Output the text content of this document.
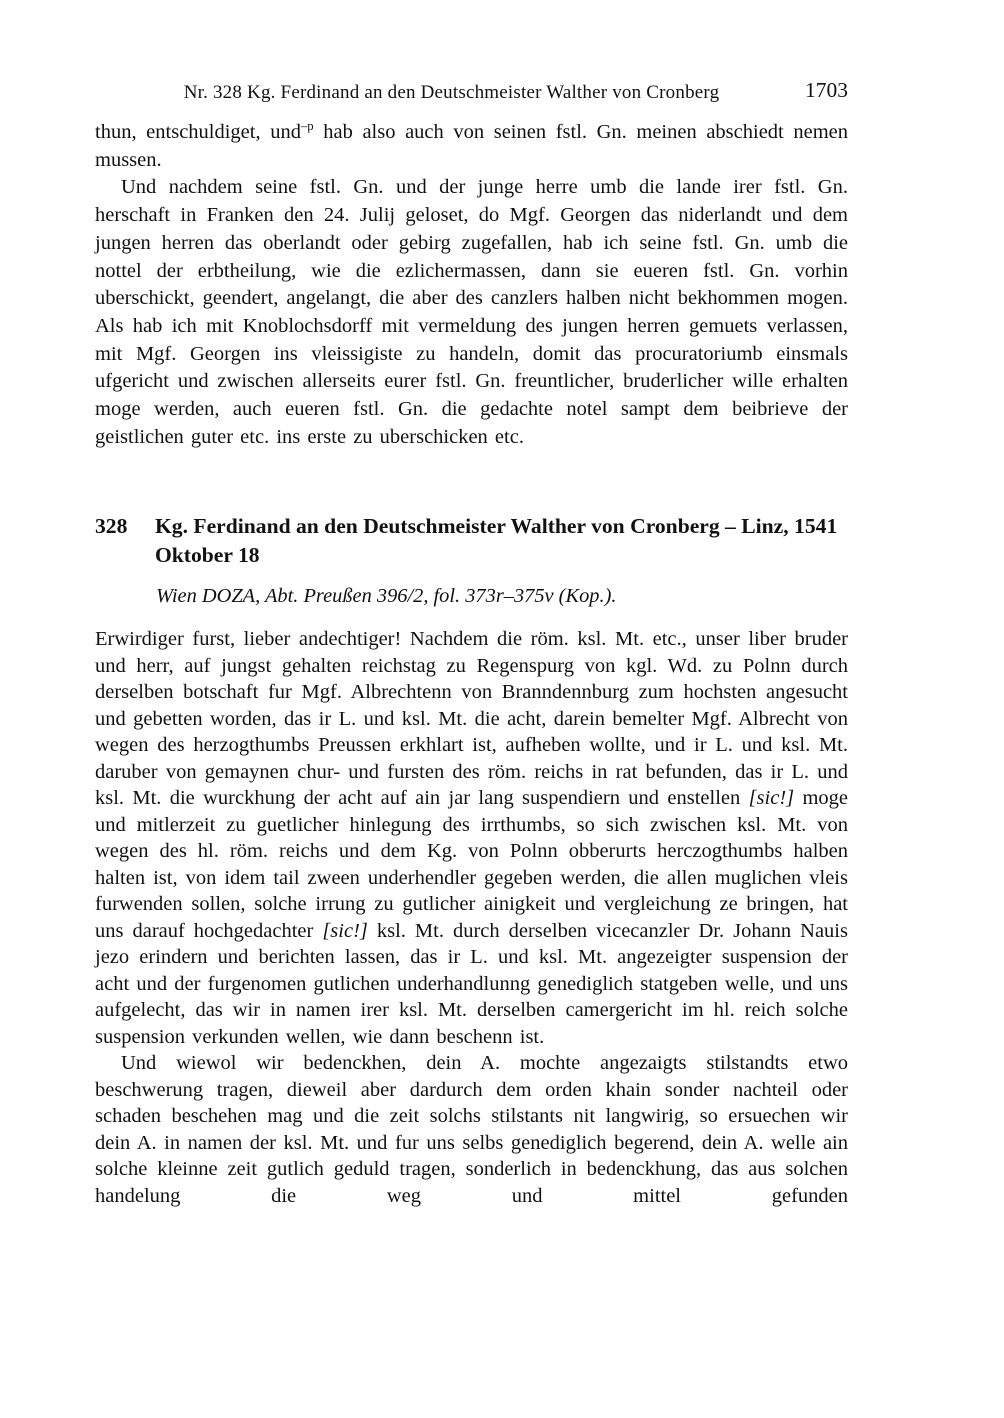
Nr. 328 Kg. Ferdinand an den Deutschmeister Walther von Cronberg	1703

thun, entschuldiget, und$^{-p}$ hab also auch von seinen fstl. Gn. meinen abschiedt nemen mussen.

Und nachdem seine fstl. Gn. und der junge herre umb die lande irer fstl. Gn. herschaft in Franken den 24. Julij geloset, do Mgf. Georgen das niderlandt und dem jungen herren das oberlandt oder gebirg zugefallen, hab ich seine fstl. Gn. umb die nottel der erbtheilung, wie die ezlichermassen, dann sie eueren fstl. Gn. vorhin uberschickt, geendert, angelangt, die aber des canzlers halben nicht bekhommen mogen. Als hab ich mit Knoblochsdorff mit vermeldung des jungen herren gemuets verlassen, mit Mgf. Georgen ins vleissigiste zu handeln, domit das procuratoriumb einsmals ufgericht und zwischen allerseits eurer fstl. Gn. freuntlicher, bruderlicher wille erhalten moge werden, auch eueren fstl. Gn. die gedachte notel sampt dem beibrieve der geistlichen guter etc. ins erste zu uberschicken etc.

328	Kg. Ferdinand an den Deutschmeister Walther von Cronberg – Linz, 1541 Oktober 18
Wien DOZA, Abt. Preußen 396/2, fol. 373r–375v (Kop.).

Erwirdiger furst, lieber andechtiger! Nachdem die röm. ksl. Mt. etc., unser liber bruder und herr, auf jungst gehalten reichstag zu Regenspurg von kgl. Wd. zu Polnn durch derselben botschaft fur Mgf. Albrechtenn von Branndennburg zum hochsten angesucht und gebetten worden, das ir L. und ksl. Mt. die acht, darein bemelter Mgf. Albrecht von wegen des herzogthumbs Preussen erkhlart ist, aufheben wollte, und ir L. und ksl. Mt. daruber von gemaynen chur- und fursten des röm. reichs in rat befunden, das ir L. und ksl. Mt. die wurckhung der acht auf ain jar lang suspendiern und enstellen [sic!] moge und mitlerzeit zu guetlicher hinlegung des irrthumbs, so sich zwischen ksl. Mt. von wegen des hl. röm. reichs und dem Kg. von Polnn obberurts herczogthumbs halben halten ist, von idem tail zween underhendler gegeben werden, die allen muglichen vleis furwenden sollen, solche irrung zu gutlicher ainigkeit und vergleichung ze bringen, hat uns darauf hochgedachter [sic!] ksl. Mt. durch derselben vicecanzler Dr. Johann Nauis jezo erindern und berichten lassen, das ir L. und ksl. Mt. angezeigter suspension der acht und der furgenomen gutlichen underhandlunng genediglich statgeben welle, und uns aufgelecht, das wir in namen irer ksl. Mt. derselben camergericht im hl. reich solche suspension verkunden wellen, wie dann beschenn ist.

Und wiewol wir bedenckhen, dein A. mochte angezaigts stilstandts etwo beschwerung tragen, dieweil aber dardurch dem orden khain sonder nachteil oder schaden beschehen mag und die zeit solchs stilstants nit langwirig, so ersuechen wir dein A. in namen der ksl. Mt. und fur uns selbs genediglich begerend, dein A. welle ain solche kleinne zeit gutlich geduld tragen, sonderlich in bedenckhung, das aus solchen handelung die weg und mittel gefunden
